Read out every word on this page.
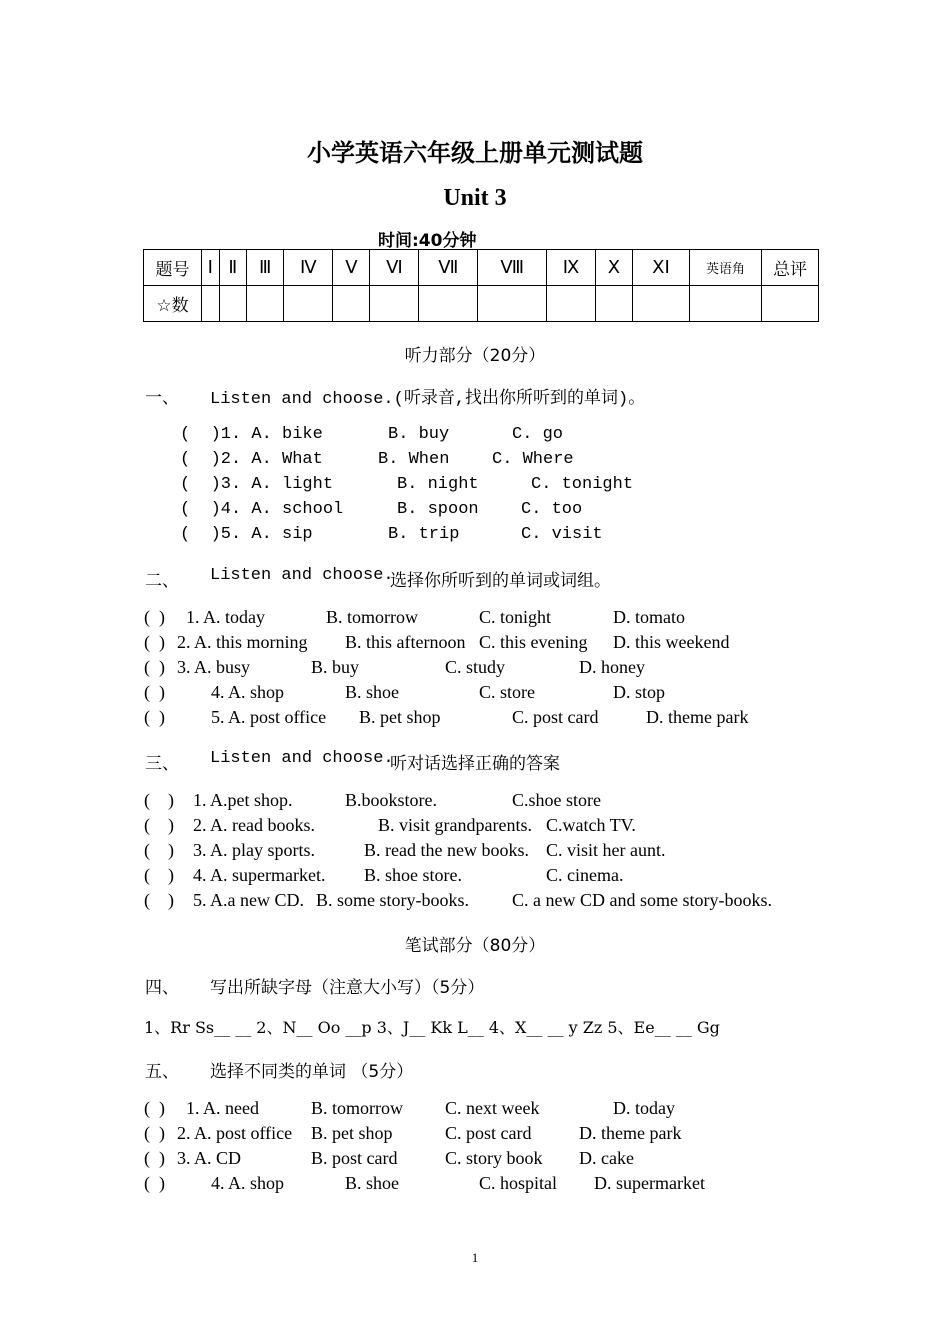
小学英语六年级上册单元测试题
Unit 3
时间:40分钟
题号	Ⅰ	Ⅱ	Ⅲ	Ⅳ	Ⅴ	Ⅵ	Ⅶ	Ⅷ	Ⅸ	Ⅹ	ⅩⅠ	英语角	总评
☆数													
听力部分（20分）
一、 Listen and choose.(听录音,找出你所听到的单词)。
(  )1. A. bike	B. buy	C. go
(  )2. A. What	B. When	C. Where
(  )3. A. light	B. night	C. tonight
(  )4. A. school	B. spoon C. too
(  )5. A. sip	B. trip	C. visit
二、 Listen and choose.
选择你所听到的单词或词组。
(  ) 1. A. today	B. tomorrow	C. tonight	D. tomato
(  ) 2. A. this morning B. this afternoon C. this evening D. this weekend
(  ) 3. A. busy	B. buy	C. study	D. honey
(  )	4. A. shop	B. shoe	C. store	D. stop
(  )	5. A. post office B. pet shop	C. post card	D. theme park
三、 Listen and choose.
听对话选择正确的答案
(    ) 1. A.pet shop.	B.bookstore.	C.shoe store
(    ) 2. A. read books.	B. visit grandparents. C.watch TV.
(    ) 3. A. play sports.	B. read the new books. C. visit her aunt.
(    ) 4. A. supermarket. B. shoe store.	C. cinema.
(    ) 5. A.a new CD. B. some story-books. C. a new CD and some story-books.
笔试部分（80分）
四、 写出所缺字母（注意大小写）（5分）
1、Rr Ss__ __ 2、N__ Oo __p 3、J__ Kk L__ 4、X__ __ y Zz 5、Ee__ __ Gg
五、 选择不同类的单词 （5分）
(  ) 1. A. need	B. tomorrow C. next week	D. today
(  ) 2. A. post office B. pet shop	C. post card	D. theme park
(  ) 3. A. CD	B. post card	C. story book D. cake
(  )	4. A. shop	B. shoe	C. hospital D. supermarket
1
